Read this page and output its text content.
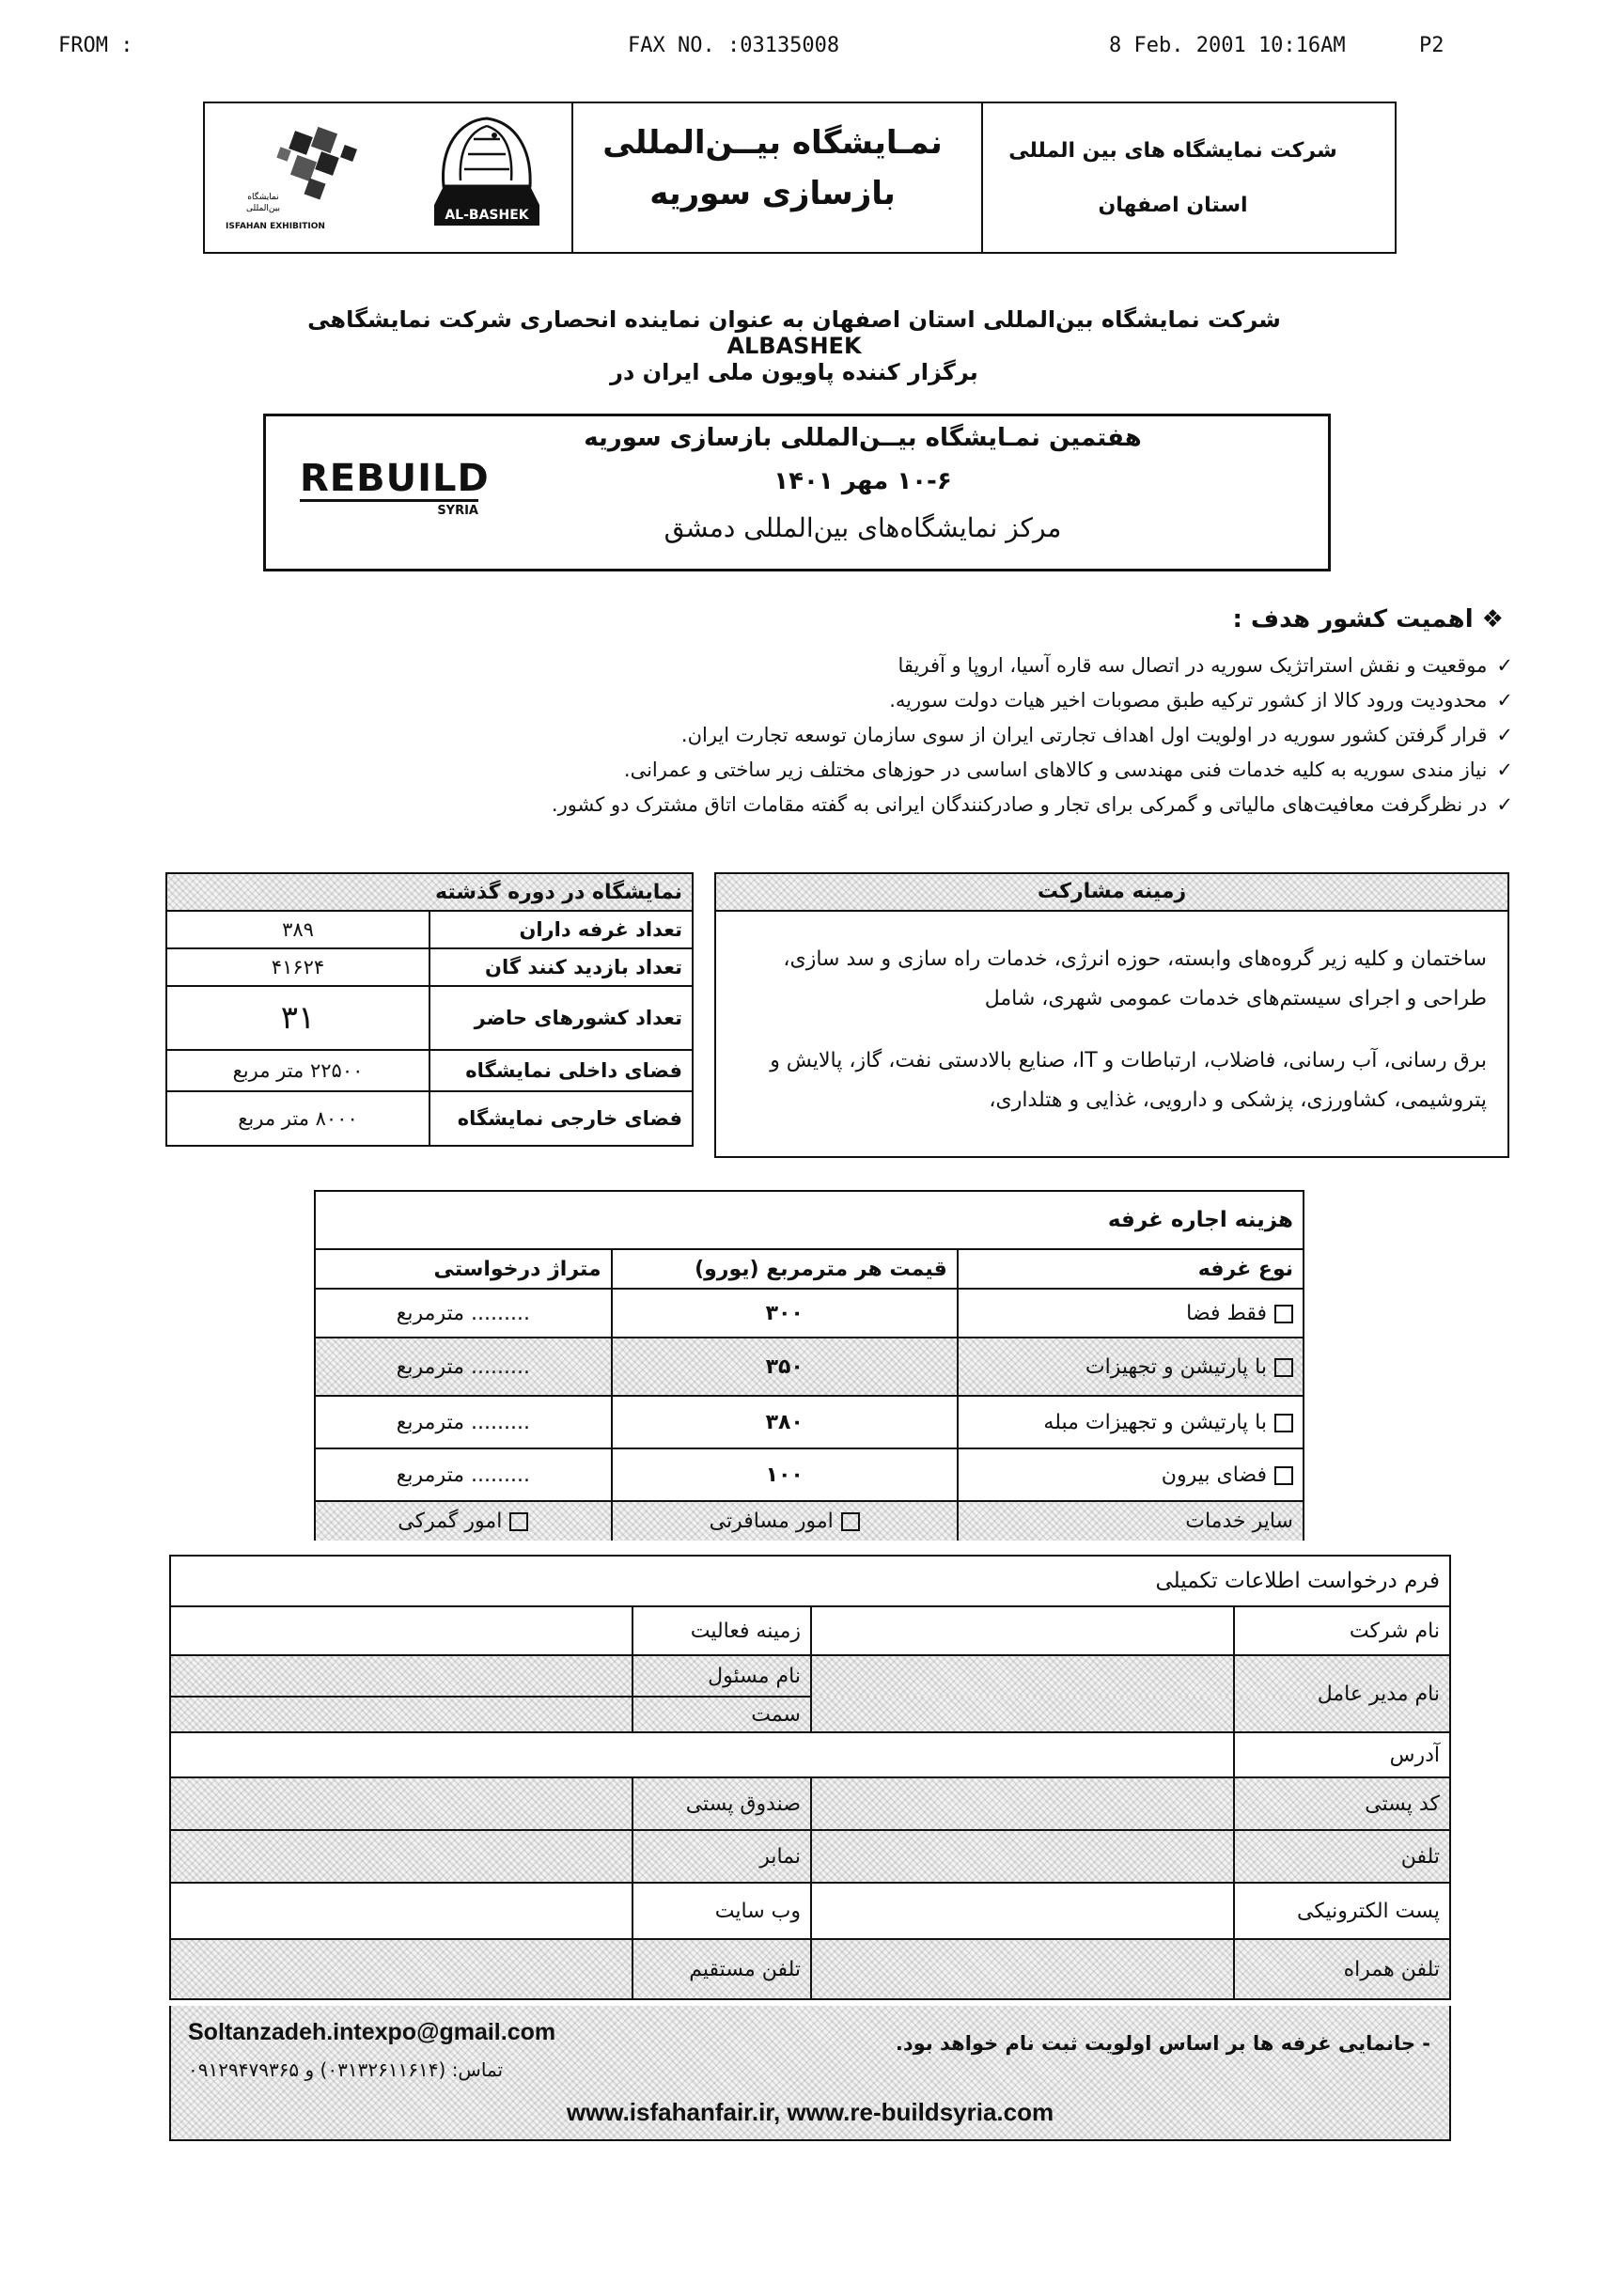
FROM :	FAX NO. :03135008	8 Feb. 2001 10:16AM	P2
نمایشگاه
بین‌المللی
ISFAHAN EXHIBITION
AL-BASHEK
نمـایشگاه بیــن‌المللی
بازسازی سوریه
شرکت نمایشگاه های بین المللی
استان اصفهان
شرکت نمایشگاه بین‌المللی استان اصفهان به عنوان نماینده انحصاری شرکت نمایشگاهی ALBASHEK
برگزار کننده پاویون ملی ایران در
REBUILD
SYRIA
هفتمین نمـایشگاه بیــن‌المللی بازسازی سوریه
۱۰-۶ مهر ۱۴۰۱
مرکز نمایشگاه‌های بین‌المللی دمشق
❖ اهمیت کشور هدف :
✓موقعیت و نقش استراتژیک سوریه در اتصال سه قاره آسیا، اروپا و آفریقا
✓محدودیت ورود کالا از کشور ترکیه طبق مصوبات اخیر هیات دولت سوریه.
✓قرار گرفتن کشور سوریه در اولویت اول اهداف تجارتی ایران از سوی سازمان توسعه تجارت ایران.
✓نیاز مندی سوریه به کلیه خدمات فنی مهندسی و کالاهای اساسی در حوزهای مختلف زیر ساختی و عمرانی.
✓در نظرگرفت معافیت‌های مالیاتی و گمرکی برای تجار و صادرکنندگان ایرانی به گفته مقامات اتاق مشترک دو کشور.
نمایشگاه در دوره گذشته	
تعداد غرفه داران	۳۸۹
تعداد بازدید کنند گان	۴۱۶۲۴
تعداد کشورهای حاضر	۳۱
فضای داخلی نمایشگاه	۲۲۵۰۰ متر مربع
فضای خارجی نمایشگاه	۸۰۰۰ متر مربع
زمینه مشارکت
ساختمان و کلیه زیر گروه‌های وابسته، حوزه انرژی، خدمات راه سازی و سد سازی، طراحی و اجرای سیستم‌های خدمات عمومی شهری، شامل
برق رسانی، آب رسانی، فاضلاب، ارتباطات و IT، صنایع بالادستی نفت، گاز، پالایش و پتروشیمی، کشاورزی، پزشکی و دارویی، غذایی و هتلداری،
هزینه اجاره غرفه		
نوع غرفه	قیمت هر مترمربع (یورو)	متراژ درخواستی
فقط فضا	۳۰۰	......... مترمربع
با پارتیشن و تجهیزات	۳۵۰	......... مترمربع
با پارتیشن و تجهیزات مبله	۳۸۰	......... مترمربع
فضای بیرون	۱۰۰	......... مترمربع
سایر خدمات	امور مسافرتی	امور گمرکی
فرم درخواست اطلاعات تکمیلی			
نام شرکت		زمینه فعالیت	
نام مدیر عامل		نام مسئول	
		سمت	
آدرس			
کد پستی		صندوق پستی	
تلفن		نمابر	
پست الکترونیکی		وب سایت	
تلفن همراه		تلفن مستقیم	
Soltanzadeh.intexpo@gmail.com
تماس: (۰۳۱۳۲۶۱۱۶۱۴) و ۰۹۱۲۹۴۷۹۳۶۵
- جانمایی غرفه ها بر اساس اولویت ثبت نام خواهد بود.
www.isfahanfair.ir, www.re-buildsyria.com
